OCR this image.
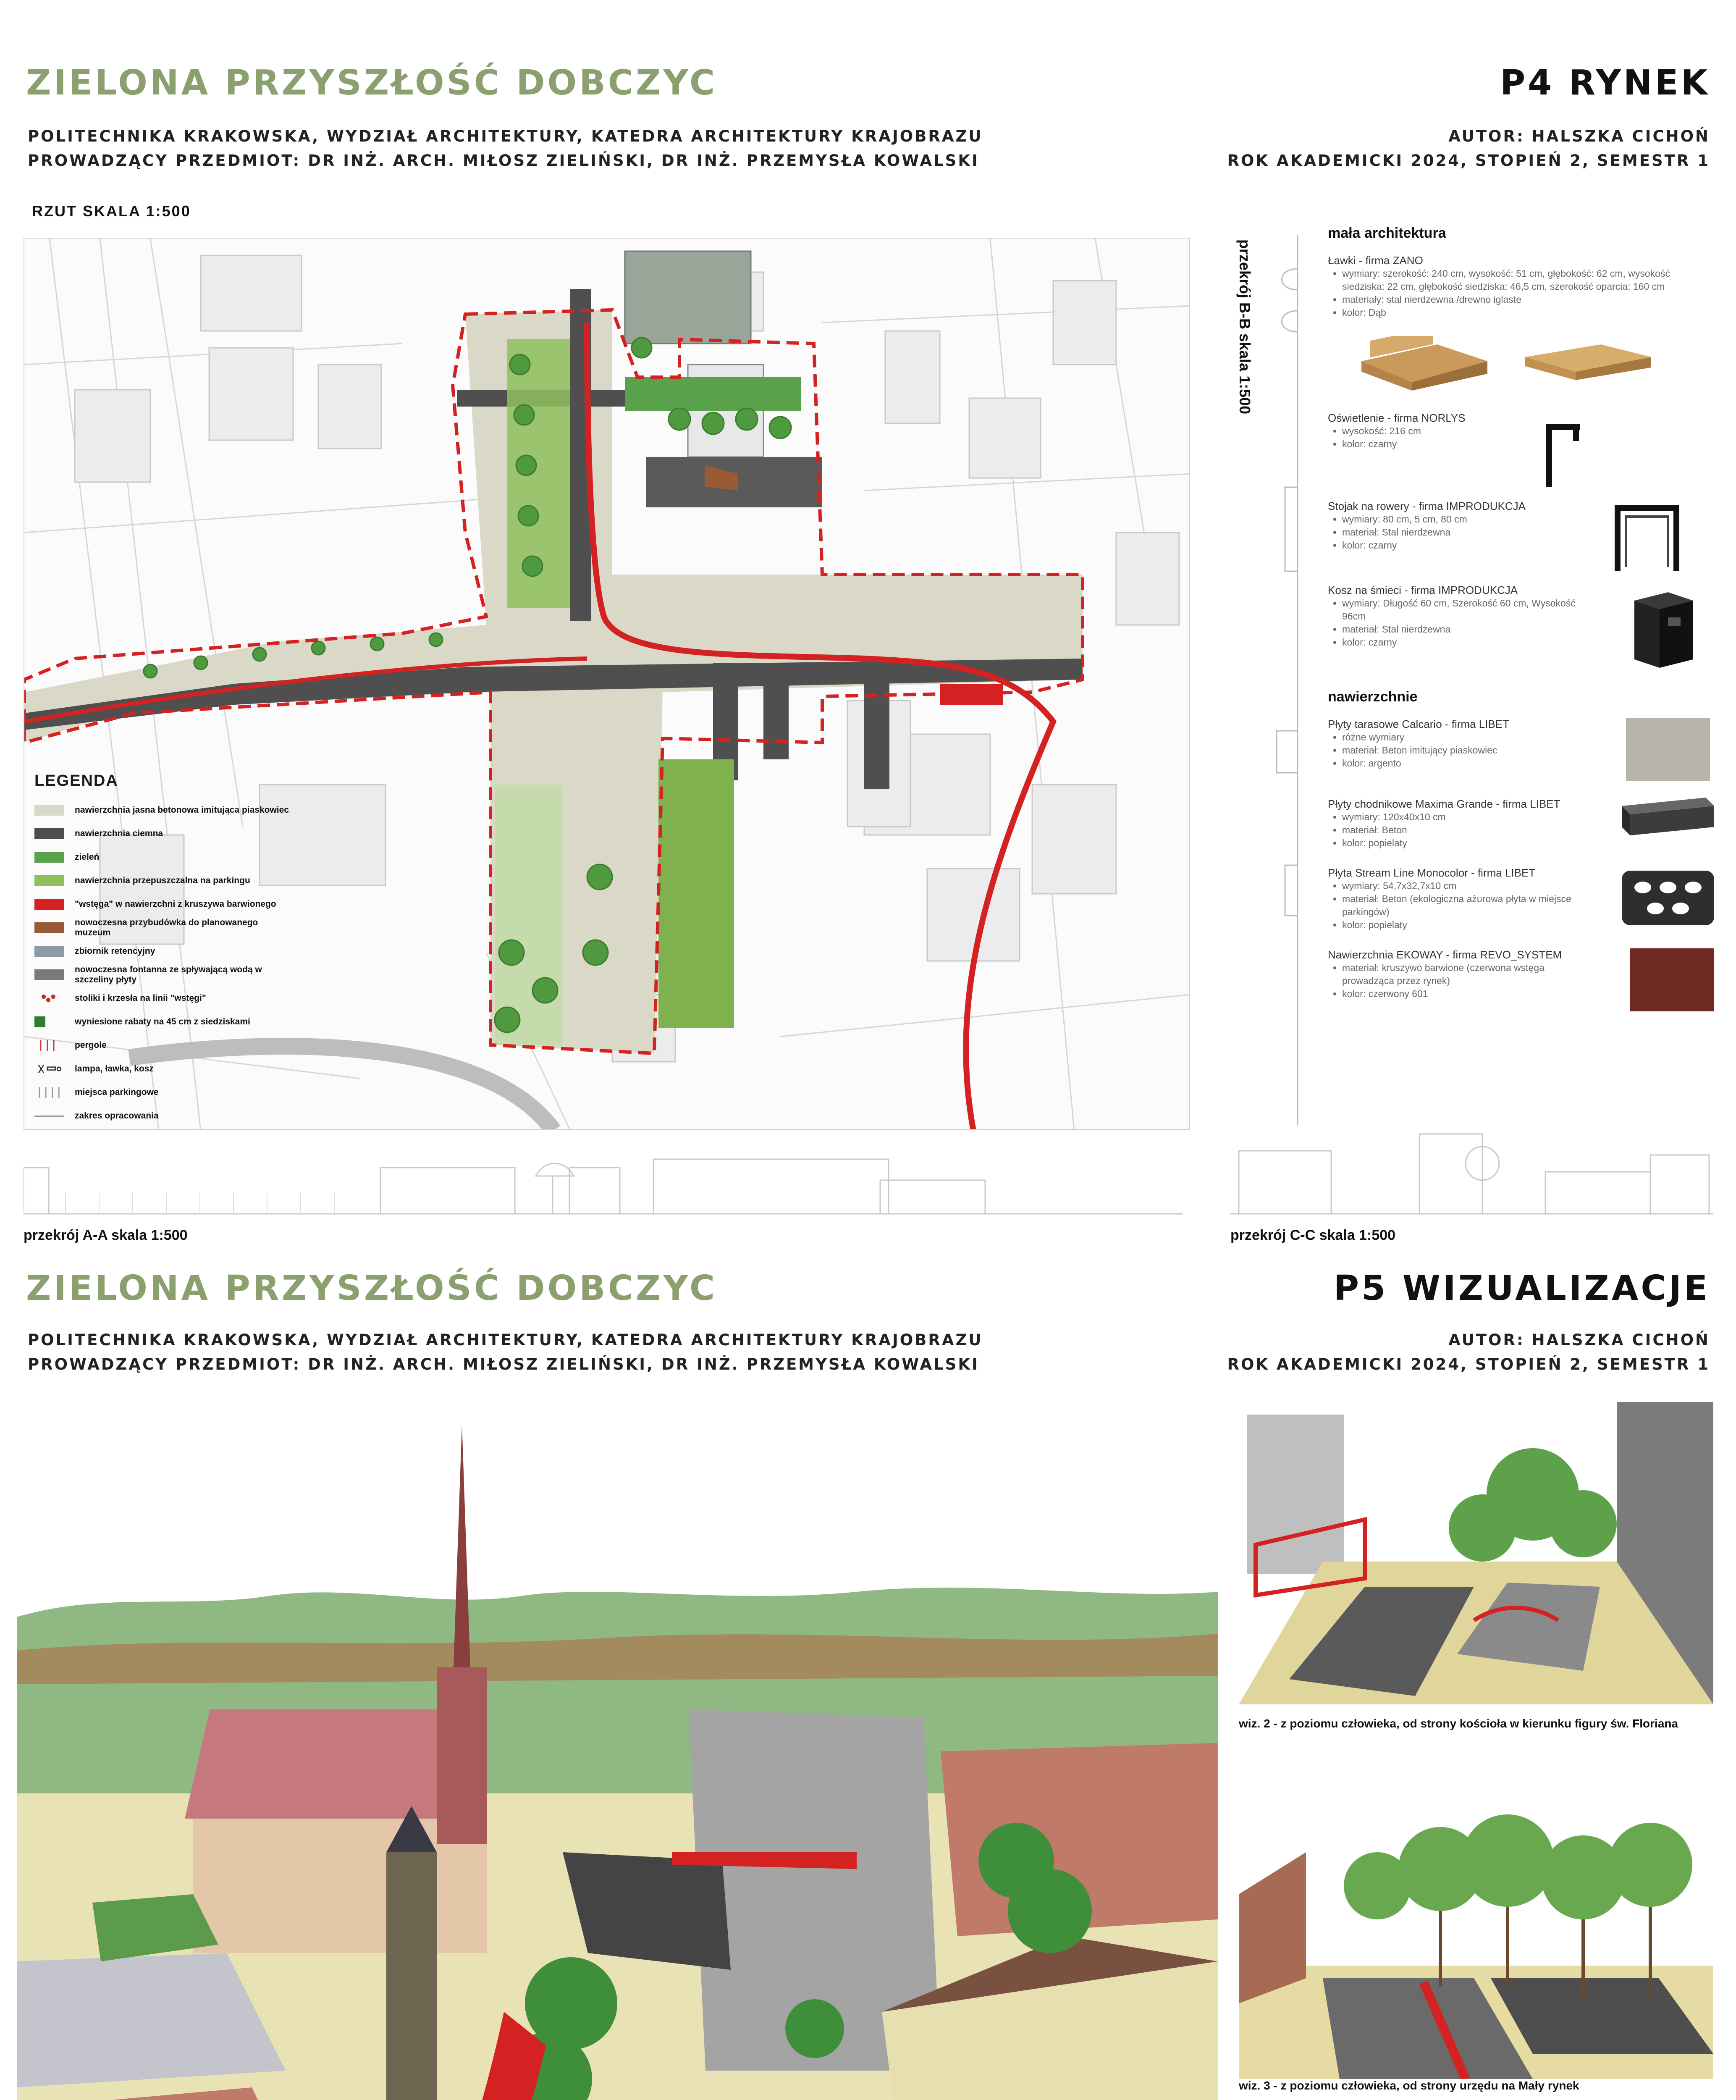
ZIELONA PRZYSZŁOŚĆ DOBCZYC	P4 RYNEK
POLITECHNIKA KRAKOWSKA, WYDZIAŁ ARCHITEKTURY, KATEDRA ARCHITEKTURY KRAJOBRAZU
PROWADZĄCY PRZEDMIOT: DR INŻ. ARCH. MIŁOSZ ZIELIŃSKI, DR INŻ. PRZEMYSŁA KOWALSKI
AUTOR: HALSZKA CICHOŃ
ROK AKADEMICKI 2024, STOPIEŃ 2, SEMESTR 1
RZUT SKALA 1:500
LEGENDA
nawierzchnia jasna betonowa imitująca piaskowiec
nawierzchnia ciemna
zieleń
nawierzchnia przepuszczalna na parkingu
"wstęga" w nawierzchni z kruszywa barwionego
nowoczesna przybudówka do planowanego muzeum
zbiornik retencyjny
nowoczesna fontanna ze spływającą wodą w szczeliny płyty
stoliki i krzesła na linii "wstęgi"
wyniesione rabaty na 45 cm z siedziskami
pergole
lampa, ławka, kosz
miejsca parkingowe
zakres opracowania
przekrój B-B skala 1:500
mała architektura
Ławki - firma ZANO
• wymiary: szerokość: 240 cm, wysokość: 51 cm, głębokość: 62 cm, wysokość siedziska: 22 cm, głębokość siedziska: 46,5 cm, szerokość oparcia: 160 cm
• materiały: stal nierdzewna /drewno iglaste
• kolor: Dąb
Oświetlenie - firma NORLYS
• wysokość: 216 cm
• kolor: czarny
Stojak na rowery - firma IMPRODUKCJA
• wymiary: 80 cm, 5 cm, 80 cm
• materiał: Stal nierdzewna
• kolor: czarny
Kosz na śmieci - firma IMPRODUKCJA
• wymiary: Długość 60 cm, Szerokość 60 cm, Wysokość 96cm
• materiał: Stal nierdzewna
• kolor: czarny
nawierzchnie
Płyty tarasowe Calcario - firma LIBET
• różne wymiary
• materiał: Beton imitujący piaskowiec
• kolor: argento
Płyty chodnikowe Maxima Grande - firma LIBET
• wymiary: 120x40x10 cm
• materiał: Beton
• kolor: popielaty
Płyta Stream Line Monocolor - firma LIBET
• wymiary: 54,7x32,7x10 cm
• materiał: Beton (ekologiczna ażurowa płyta w miejsce parkingów)
• kolor: popielaty
Nawierzchnia EKOWAY - firma REVO_SYSTEM
• materiał: kruszywo barwione (czerwona wstęga prowadząca przez rynek)
• kolor: czerwony 601
przekrój A-A skala 1:500	przekrój C-C skala 1:500
ZIELONA PRZYSZŁOŚĆ DOBCZYC	P5 WIZUALIZACJE
POLITECHNIKA KRAKOWSKA, WYDZIAŁ ARCHITEKTURY, KATEDRA ARCHITEKTURY KRAJOBRAZU
PROWADZĄCY PRZEDMIOT: DR INŻ. ARCH. MIŁOSZ ZIELIŃSKI, DR INŻ. PRZEMYSŁA KOWALSKI
AUTOR: HALSZKA CICHOŃ
ROK AKADEMICKI 2024, STOPIEŃ 2, SEMESTR 1
wiz. 2 - z poziomu człowieka, od strony kościoła w kierunku figury św. Floriana
wiz. 3 - z poziomu człowieka, od strony urzędu na Mały rynek
